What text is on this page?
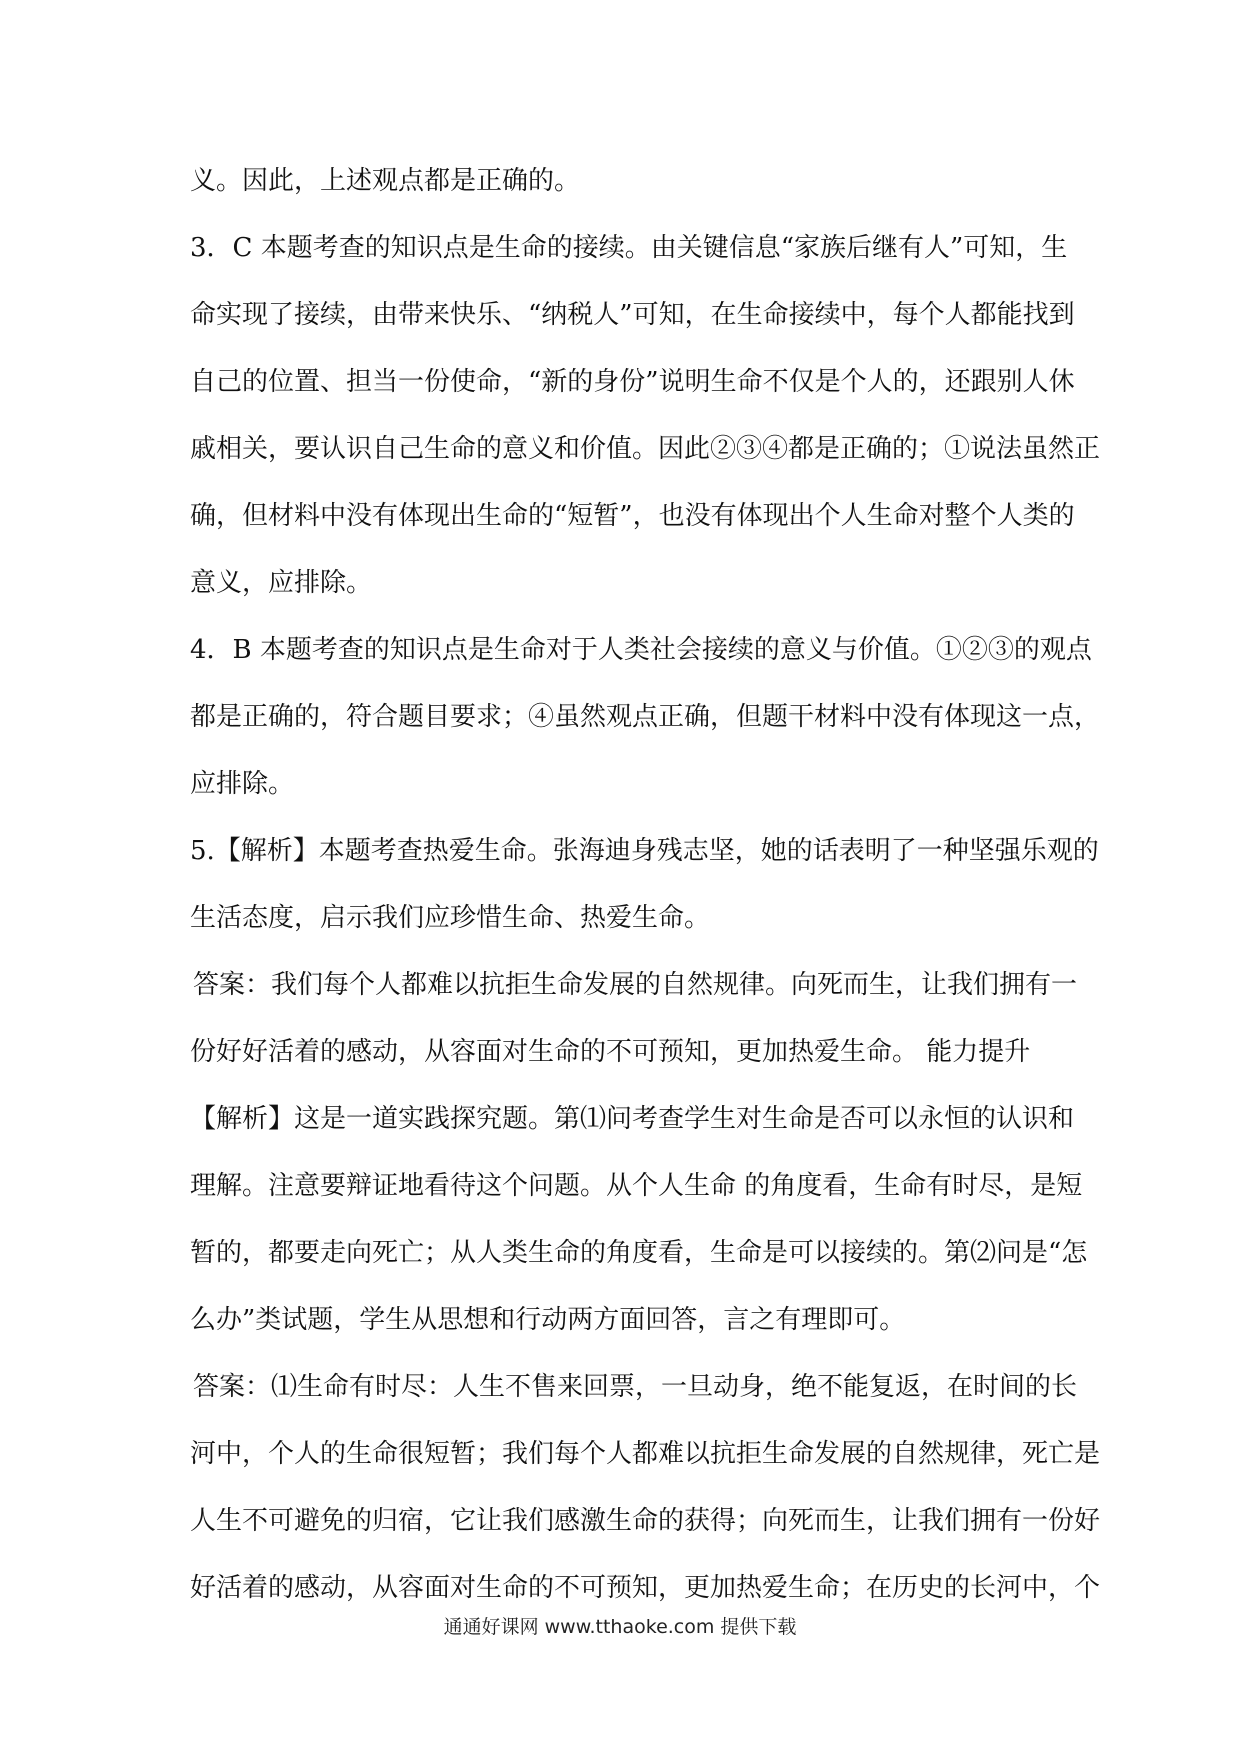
义。因此，上述观点都是正确的。
3．C 本题考查的知识点是生命的接续。由关键信息“家族后继有人”可知，生
命实现了接续，由带来快乐、“纳税人”可知，在生命接续中，每个人都能找到
自己的位置、担当一份使命，“新的身份”说明生命不仅是个人的，还跟别人休
戚相关，要认识自己生命的意义和价值。因此②③④都是正确的；①说法虽然正
确，但材料中没有体现出生命的“短暂”，也没有体现出个人生命对整个人类的
意义，应排除。
4．B 本题考查的知识点是生命对于人类社会接续的意义与价值。①②③的观点
都是正确的，符合题目要求；④虽然观点正确，但题干材料中没有体现这一点，
应排除。
5.【解析】本题考查热爱生命。张海迪身残志坚，她的话表明了一种坚强乐观的
生活态度，启示我们应珍惜生命、热爱生命。
答案：我们每个人都难以抗拒生命发展的自然规律。向死而生，让我们拥有一
份好好活着的感动，从容面对生命的不可预知，更加热爱生命。 能力提升
【解析】这是一道实践探究题。第⑴问考查学生对生命是否可以永恒的认识和
理解。注意要辩证地看待这个问题。从个人生命 的角度看，生命有时尽，是短
暂的，都要走向死亡；从人类生命的角度看，生命是可以接续的。第⑵问是“怎
么办”类试题，学生从思想和行动两方面回答，言之有理即可。
答案：⑴生命有时尽：人生不售来回票，一旦动身，绝不能复返，在时间的长
河中，个人的生命很短暂；我们每个人都难以抗拒生命发展的自然规律，死亡是
人生不可避免的归宿，它让我们感激生命的获得；向死而生，让我们拥有一份好
好活着的感动，从容面对生命的不可预知，更加热爱生命；在历史的长河中，个
通通好课网 www.tthaoke.com 提供下载
